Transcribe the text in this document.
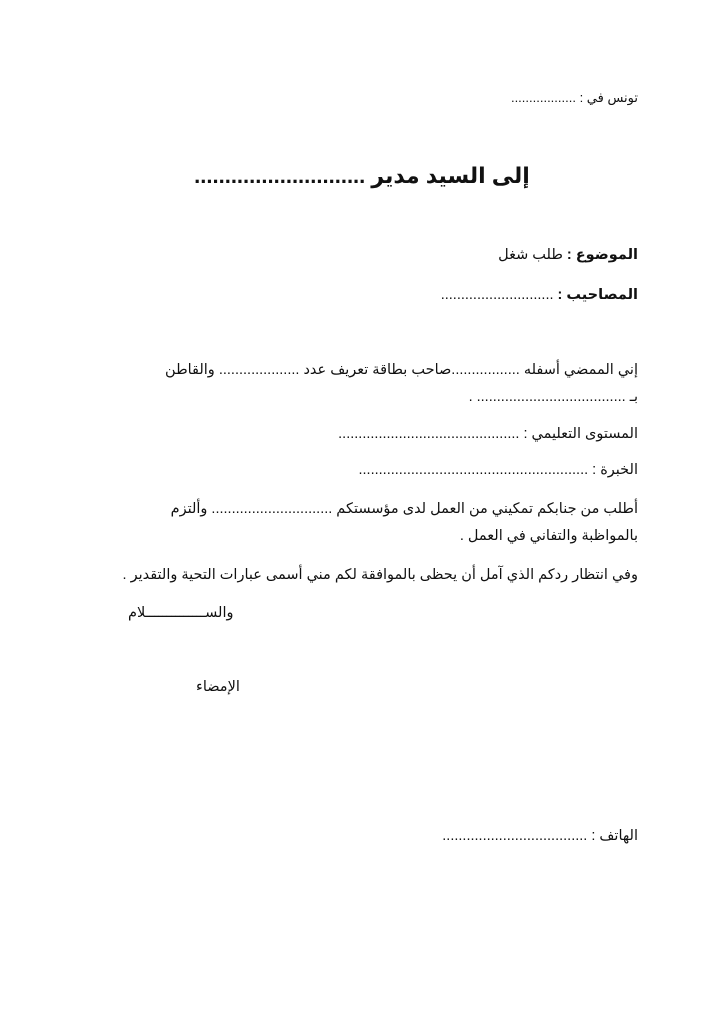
تونس في : ..................
إلى السيد مدير ............................
الموضوع : طلب شغل
المصاحيب : ............................
إني الممضي أسفله .................صاحب بطاقة تعريف عدد .................... والقاطن
بـ ..................................... .
المستوى التعليمي : .............................................
الخبرة : .........................................................
أطلب من جنابكم تمكيني من العمل لدى مؤسستكم .............................. وألتزم
بالمواظبة والتفاني في العمل .
وفي انتظار ردكم الذي آمل أن يحظى بالموافقة لكم مني أسمى عبارات التحية والتقدير .
والســــــــــــــلام
الإمضاء
الهاتف : ....................................
